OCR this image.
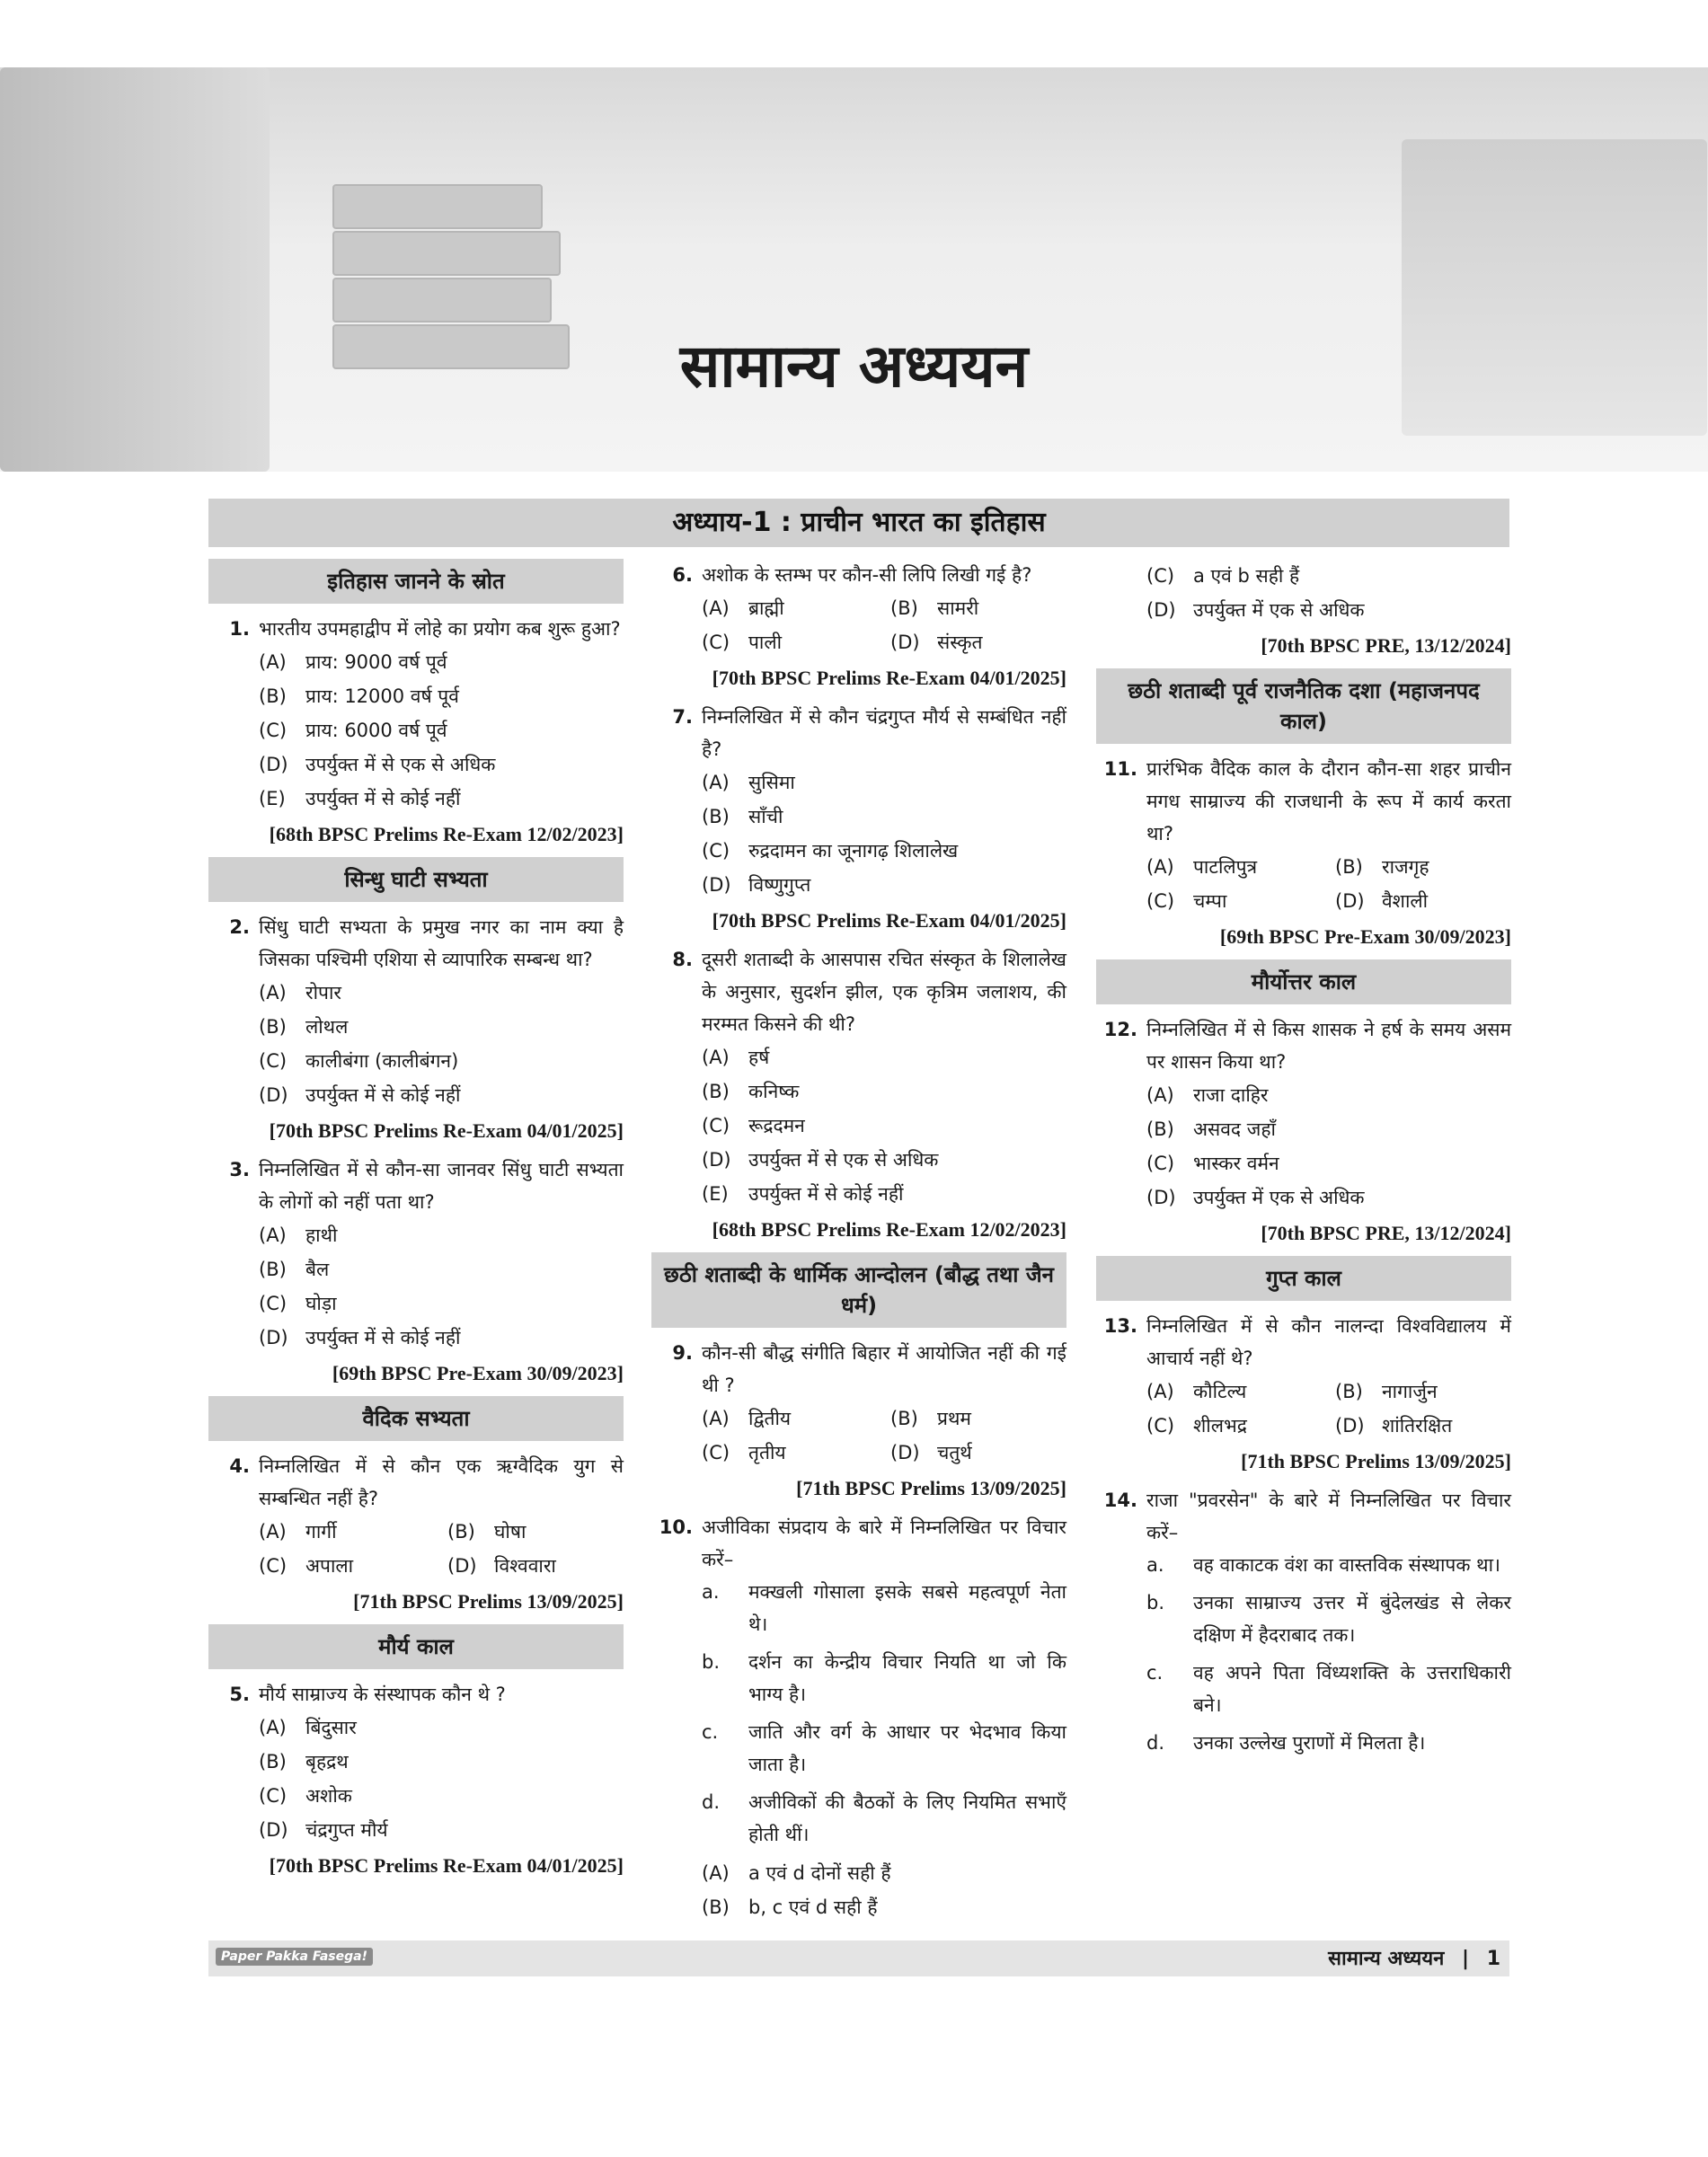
सामान्य अध्ययन
अध्याय-1 : प्राचीन भारत का इतिहास
इतिहास जानने के स्रोत
1. भारतीय उपमहाद्वीप में लोहे का प्रयोग कब शुरू हुआ?
(A)	प्राय: 9000 वर्ष पूर्व
(B)	प्राय: 12000 वर्ष पूर्व
(C) प्राय: 6000 वर्ष पूर्व
(D) उपर्युक्त में से एक से अधिक
(E)	उपर्युक्त में से कोई नहीं
[68th BPSC Prelims Re-Exam 12/02/2023]
सिन्धु घाटी सभ्यता
2. सिंधु घाटी सभ्यता के प्रमुख नगर का नाम क्या है जिसका पश्चिमी एशिया से व्यापारिक सम्बन्ध था?
(A)	रोपार
(B)	लोथल
(C) कालीबंगा (कालीबंगन)
(D) उपर्युक्त में से कोई नहीं
[70th BPSC Prelims Re-Exam 04/01/2025]
3. निम्नलिखित में से कौन-सा जानवर सिंधु घाटी सभ्यता के लोगों को नहीं पता था?
(A)	हाथी
(B)	बैल
(C) घोड़ा
(D) उपर्युक्त में से कोई नहीं
[69th BPSC Pre-Exam 30/09/2023]
वैदिक सभ्यता
4. निम्नलिखित में से कौन एक ऋग्वैदिक युग से सम्बन्धित नहीं है?
(A)	गार्गी	(B)	घोषा
(C) अपाला	(D) विश्ववारा
[71th BPSC Prelims 13/09/2025]
मौर्य काल
5. मौर्य साम्राज्य के संस्थापक कौन थे ?
(A)	बिंदुसार
(B)	बृहद्रथ
(C) अशोक
(D) चंद्रगुप्त मौर्य
[70th BPSC Prelims Re-Exam 04/01/2025]
6. अशोक के स्तम्भ पर कौन-सी लिपि लिखी गई है?
(A)	ब्राह्मी	(B)	सामरी
(C) पाली	(D) संस्कृत
[70th BPSC Prelims Re-Exam 04/01/2025]
7. निम्नलिखित में से कौन चंद्रगुप्त मौर्य से सम्बंधित नहीं है?
(A)	सुसिमा
(B)	साँची
(C) रुद्रदामन का जूनागढ़ शिलालेख
(D) विष्णुगुप्त
[70th BPSC Prelims Re-Exam 04/01/2025]
8. दूसरी शताब्दी के आसपास रचित संस्कृत के शिलालेख के अनुसार, सुदर्शन झील, एक कृत्रिम जलाशय, की मरम्मत किसने की थी?
(A)	हर्ष
(B)	कनिष्क
(C) रूद्रदमन
(D) उपर्युक्त में से एक से अधिक
(E)	उपर्युक्त में से कोई नहीं
[68th BPSC Prelims Re-Exam 12/02/2023]
छठी शताब्दी के धार्मिक आन्दोलन (बौद्ध तथा जैन धर्म)
9. कौन-सी बौद्ध संगीति बिहार में आयोजित नहीं की गई थी ?
(A)	द्वितीय	(B)	प्रथम
(C) तृतीय	(D) चतुर्थ
[71th BPSC Prelims 13/09/2025]
10. अजीविका संप्रदाय के बारे में निम्नलिखित पर विचार करें–
a.	मक्खली गोसाला इसके सबसे महत्वपूर्ण नेता थे।
b.	दर्शन का केन्द्रीय विचार नियति था जो कि भाग्य है।
c.	जाति और वर्ग के आधार पर भेदभाव किया जाता है।
d.	अजीविकों की बैठकों के लिए नियमित सभाएँ होती थीं।
(A)	a एवं d दोनों सही हैं
(B)	b, c एवं d सही हैं
(C) a एवं b सही हैं
(D) उपर्युक्त में एक से अधिक
[70th BPSC PRE, 13/12/2024]
छठी शताब्दी पूर्व राजनैतिक दशा (महाजनपद काल)
11. प्रारंभिक वैदिक काल के दौरान कौन-सा शहर प्राचीन मगध साम्राज्य की राजधानी के रूप में कार्य करता था?
(A)	पाटलिपुत्र	(B)	राजगृह
(C) चम्पा	(D) वैशाली
[69th BPSC Pre-Exam 30/09/2023]
मौर्योत्तर काल
12. निम्नलिखित में से किस शासक ने हर्ष के समय असम पर शासन किया था?
(A)	राजा दाहिर
(B)	असवद जहाँ
(C) भास्कर वर्मन
(D) उपर्युक्त में एक से अधिक
[70th BPSC PRE, 13/12/2024]
गुप्त काल
13. निम्नलिखित में से कौन नालन्दा विश्वविद्यालय में आचार्य नहीं थे?
(A)	कौटिल्य	(B)	नागार्जुन
(C) शीलभद्र	(D) शांतिरक्षित
[71th BPSC Prelims 13/09/2025]
14. राजा "प्रवरसेन" के बारे में निम्नलिखित पर विचार करें–
a.	वह वाकाटक वंश का वास्तविक संस्थापक था।
b.	उनका साम्राज्य उत्तर में बुंदेलखंड से लेकर दक्षिण में हैदराबाद तक।
c.	वह अपने पिता विंध्यशक्ति के उत्तराधिकारी बने।
d.	उनका उल्लेख पुराणों में मिलता है।
Paper Pakka Fasega!	सामान्य अध्ययन | 1
